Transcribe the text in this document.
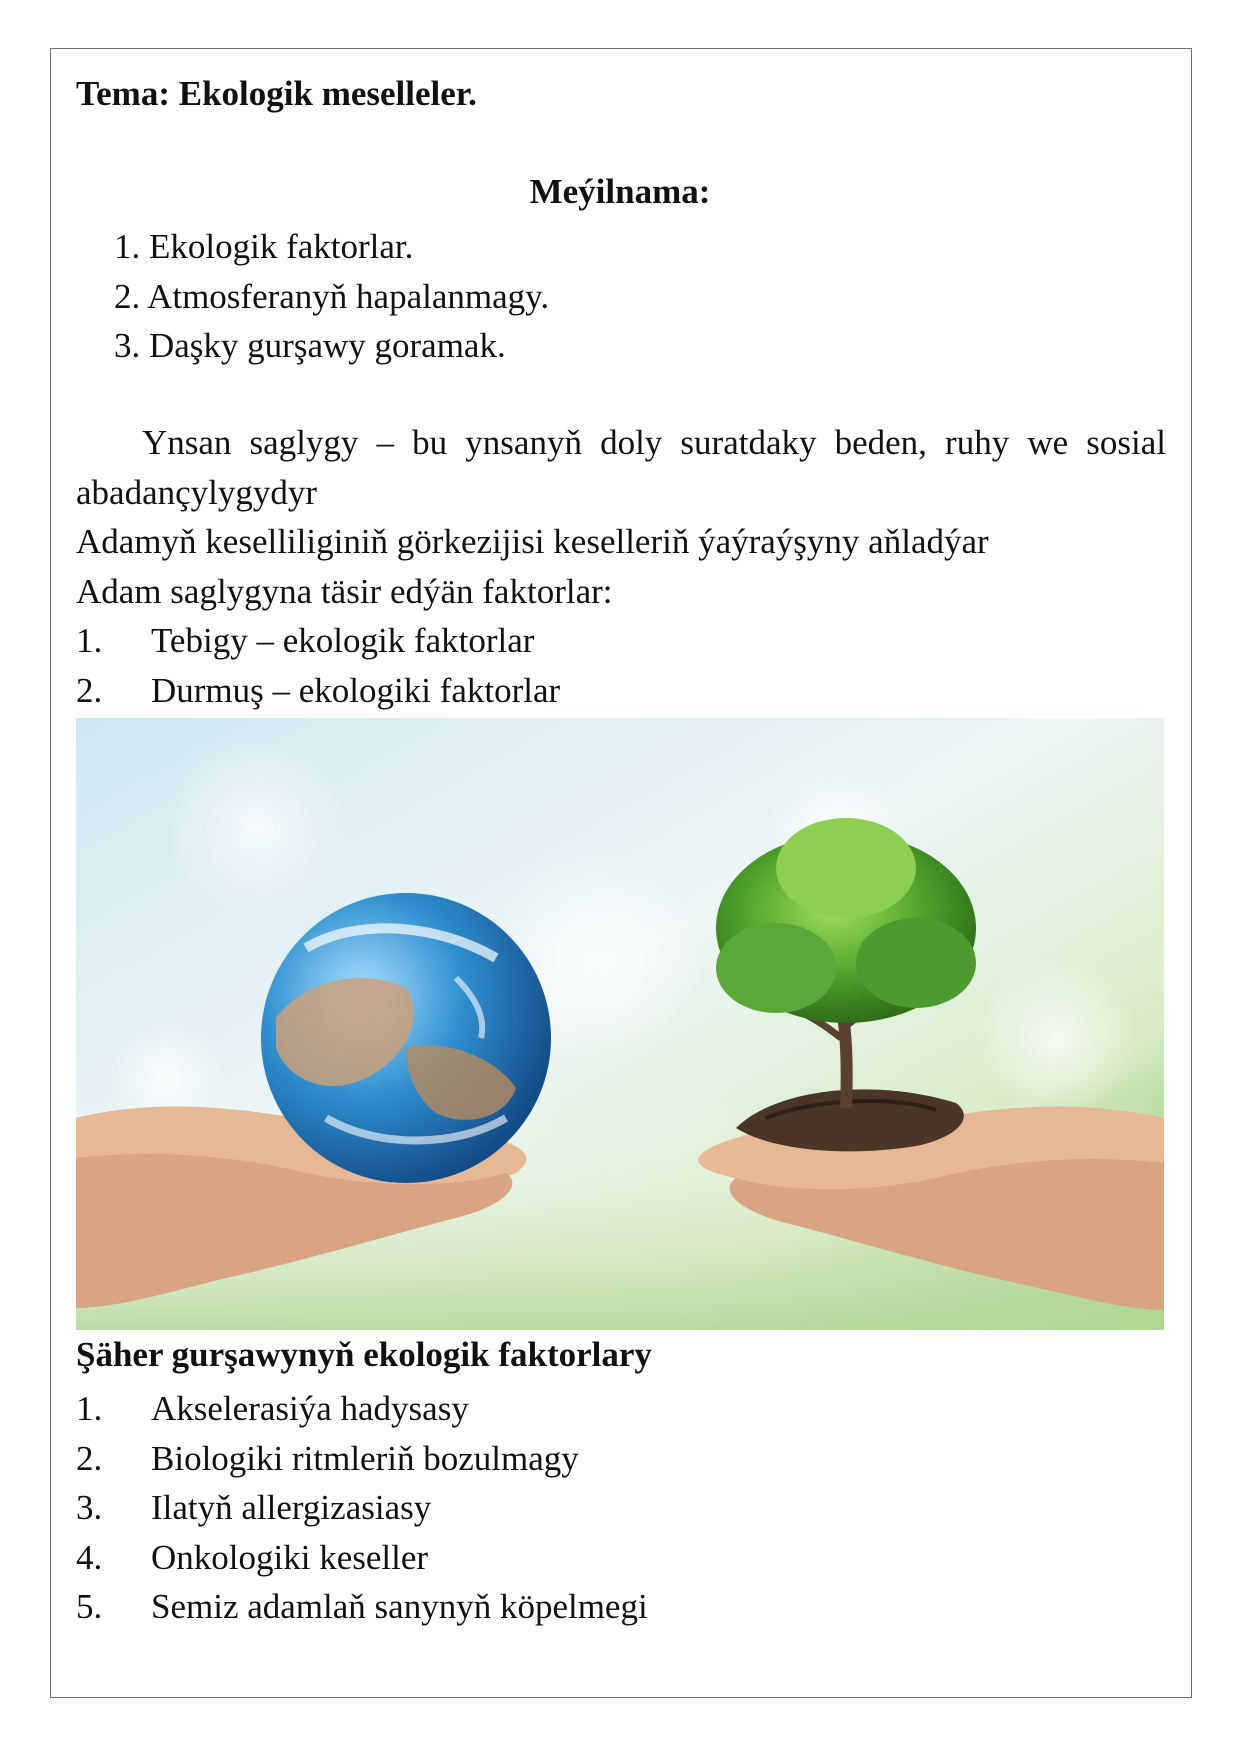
Tema: Ekologik meselleler.
Meýilnama:
1. Ekologik faktorlar.
2. Atmosferanyň hapalanmagy.
3. Daşky gurşawy goramak.
Ynsan saglygy – bu ynsanyň doly suratdaky beden, ruhy we sosial
abadançylygydyr
Adamyň keselliliginiň görkezijisi keselleriň ýaýraýşyny aňladýar
Adam saglygyna täsir edýän faktorlar:
1.	Tebigy – ekologik faktorlar
2.	Durmuş – ekologiki faktorlar
Şäher gurşawynyň ekologik faktorlary
1.	Akselerasiýa hadysasy
2.	Biologiki ritmleriň bozulmagy
3.	Ilatyň allergizasiasy
4.	Onkologiki keseller
5.	Semiz adamlaň sanynyň köpelmegi
